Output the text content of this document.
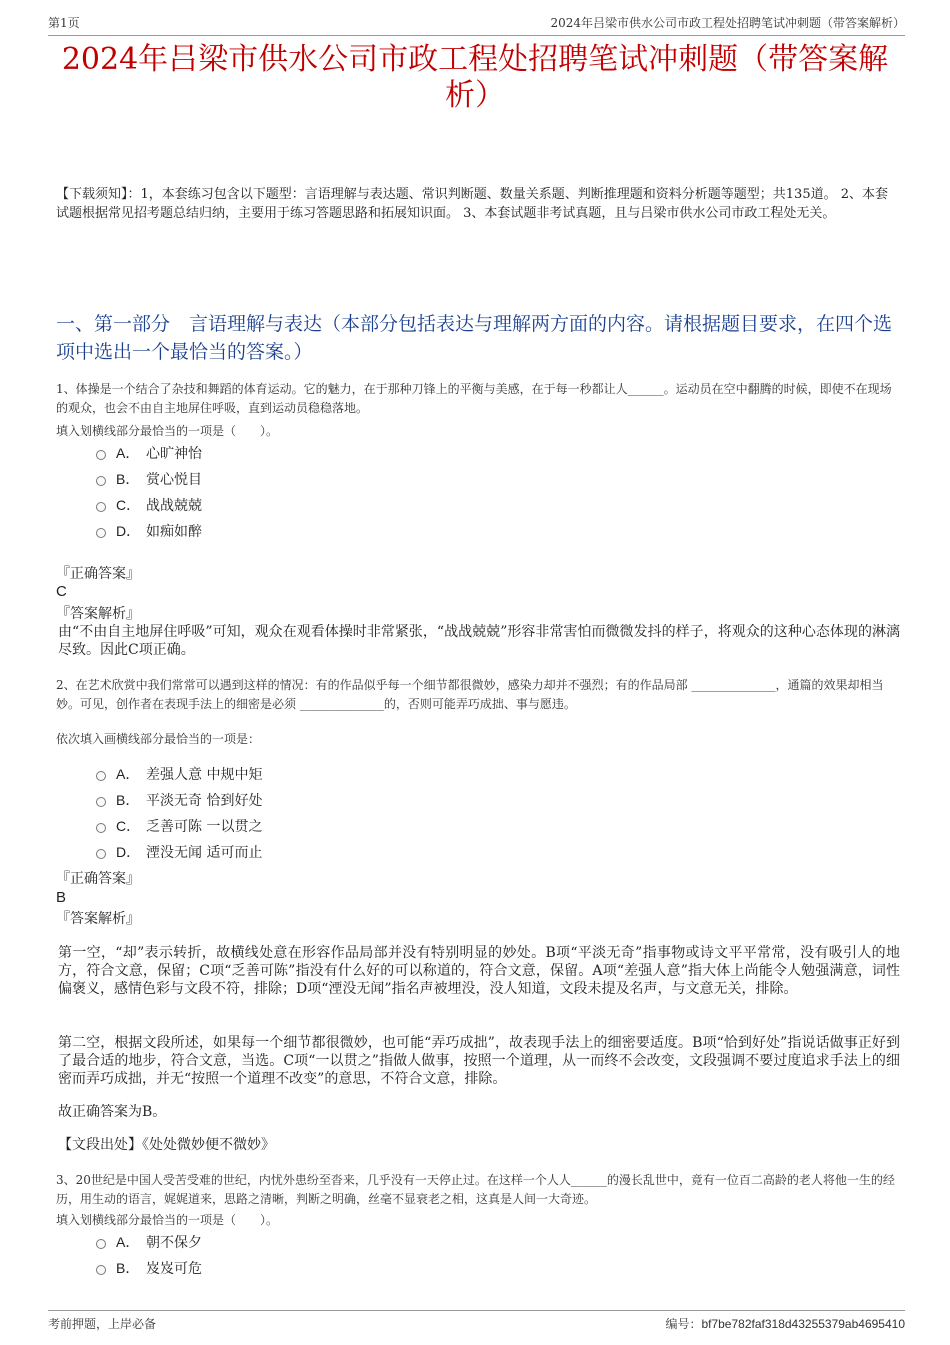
第1页	2024年吕梁市供水公司市政工程处招聘笔试冲刺题（带答案解析）
2024年吕梁市供水公司市政工程处招聘笔试冲刺题（带答案解析）
【下载须知】：1，本套练习包含以下题型：言语理解与表达题、常识判断题、数量关系题、判断推理题和资料分析题等题型；共135道。 2、本套试题根据常见招考题总结归纳，主要用于练习答题思路和拓展知识面。 3、本套试题非考试真题，且与吕梁市供水公司市政工程处无关。
一、第一部分　言语理解与表达（本部分包括表达与理解两方面的内容。请根据题目要求，在四个选项中选出一个最恰当的答案。）
1、体操是一个结合了杂技和舞蹈的体育运动。它的魅力，在于那种刀锋上的平衡与美感，在于每一秒都让人______。运动员在空中翻腾的时候，即使不在现场的观众，也会不由自主地屏住呼吸，直到运动员稳稳落地。
填入划横线部分最恰当的一项是（　　）。
A． 心旷神怡
B． 赏心悦目
C． 战战兢兢
D． 如痴如醉
『正确答案』
C
『答案解析』
由“不由自主地屏住呼吸”可知，观众在观看体操时非常紧张，“战战兢兢”形容非常害怕而微微发抖的样子，将观众的这种心态体现的淋漓尽致。因此C项正确。
2、在艺术欣赏中我们常常可以遇到这样的情况：有的作品似乎每一个细节都很微妙，感染力却并不强烈；有的作品局部 ______________，通篇的效果却相当妙。可见，创作者在表现手法上的细密是必须 ______________的，否则可能弄巧成拙、事与愿违。
依次填入画横线部分最恰当的一项是：
A． 差强人意 中规中矩
B． 平淡无奇 恰到好处
C． 乏善可陈 一以贯之
D． 湮没无闻 适可而止
『正确答案』
B
『答案解析』
第一空，“却”表示转折，故横线处意在形容作品局部并没有特别明显的妙处。B项“平淡无奇”指事物或诗文平平常常，没有吸引人的地方，符合文意，保留；C项“乏善可陈”指没有什么好的可以称道的，符合文意，保留。A项“差强人意”指大体上尚能令人勉强满意，词性偏褒义，感情色彩与文段不符，排除；D项“湮没无闻”指名声被埋没，没人知道，文段未提及名声，与文意无关，排除。
第二空，根据文段所述，如果每一个细节都很微妙，也可能“弄巧成拙”，故表现手法上的细密要适度。B项“恰到好处”指说话做事正好到了最合适的地步，符合文意，当选。C项“一以贯之”指做人做事，按照一个道理，从一而终不会改变，文段强调不要过度追求手法上的细密而弄巧成拙，并无“按照一个道理不改变”的意思，不符合文意，排除。
故正确答案为B。
【文段出处】《处处微妙便不微妙》
3、20世纪是中国人受苦受难的世纪，内忧外患纷至沓来，几乎没有一天停止过。在这样一个人人______的漫长乱世中，竟有一位百二高龄的老人将他一生的经历，用生动的语言，娓娓道来，思路之清晰，判断之明确，丝毫不显衰老之相，这真是人间一大奇迹。
填入划横线部分最恰当的一项是（　　）。
A． 朝不保夕
B． 岌岌可危
考前押题，上岸必备	编号：bf7be782faf318d43255379ab4695410
